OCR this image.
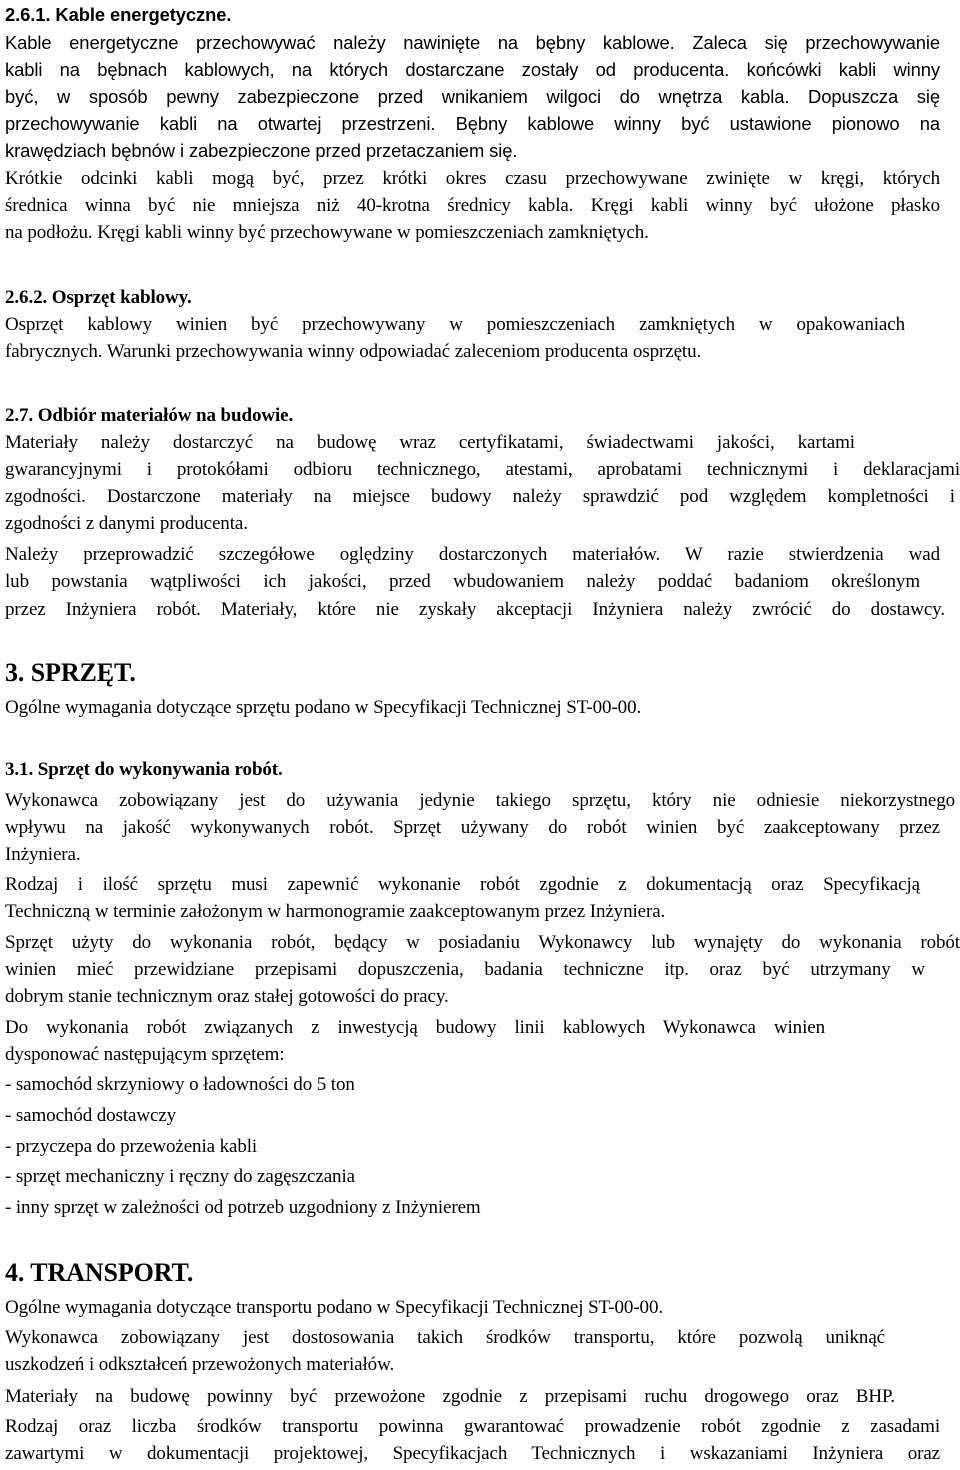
2.6.1. Kable energetyczne.
Kable energetyczne przechowywać należy nawinięte na bębny kablowe. Zaleca się przechowywanie
kabli na bębnach kablowych, na których dostarczane zostały od producenta. końcówki kabli winny
być, w sposób pewny zabezpieczone przed wnikaniem wilgoci do wnętrza kabla. Dopuszcza się
przechowywanie kabli na otwartej przestrzeni. Bębny kablowe winny być ustawione pionowo na
krawędziach bębnów i zabezpieczone przed przetaczaniem się.
Krótkie odcinki kabli mogą być, przez krótki okres czasu przechowywane zwinięte w kręgi, których
średnica winna być nie mniejsza niż 40-krotna średnicy kabla. Kręgi kabli winny być ułożone płasko
na podłożu. Kręgi kabli winny być przechowywane w pomieszczeniach zamkniętych.
2.6.2. Osprzęt kablowy.
Osprzęt kablowy winien być przechowywany w pomieszczeniach zamkniętych w opakowaniach
fabrycznych. Warunki przechowywania winny odpowiadać zaleceniom producenta osprzętu.
2.7. Odbiór materiałów na budowie.
Materiały należy dostarczyć na budowę wraz certyfikatami, świadectwami jakości, kartami
gwarancyjnymi i protokółami odbioru technicznego, atestami, aprobatami technicznymi i deklaracjami
zgodności. Dostarczone materiały na miejsce budowy należy sprawdzić pod względem kompletności i
zgodności z danymi producenta.
Należy przeprowadzić szczegółowe oględziny dostarczonych materiałów. W razie stwierdzenia wad
lub powstania wątpliwości ich jakości, przed wbudowaniem należy poddać badaniom określonym
przez Inżyniera robót. Materiały, które nie zyskały akceptacji Inżyniera należy zwrócić do dostawcy.
3. SPRZĘT.
Ogólne wymagania dotyczące sprzętu podano w Specyfikacji Technicznej ST-00-00.
3.1. Sprzęt do wykonywania robót.
Wykonawca zobowiązany jest do używania jedynie takiego sprzętu, który nie odniesie niekorzystnego
wpływu na jakość wykonywanych robót. Sprzęt używany do robót winien być zaakceptowany przez
Inżyniera.
Rodzaj i ilość sprzętu musi zapewnić wykonanie robót zgodnie z dokumentacją oraz Specyfikacją
Techniczną w terminie założonym w harmonogramie zaakceptowanym przez Inżyniera.
Sprzęt użyty do wykonania robót, będący w posiadaniu Wykonawcy lub wynajęty do wykonania robót
winien mieć przewidziane przepisami dopuszczenia, badania techniczne itp. oraz być utrzymany w
dobrym stanie technicznym oraz stałej gotowości do pracy.
Do wykonania robót związanych z inwestycją budowy linii kablowych Wykonawca winien
dysponować następującym sprzętem:
- samochód skrzyniowy o ładowności do 5 ton
- samochód dostawczy
- przyczepa do przewożenia kabli
- sprzęt mechaniczny i ręczny do zagęszczania
- inny sprzęt w zależności od potrzeb uzgodniony z Inżynierem
4. TRANSPORT.
Ogólne wymagania dotyczące transportu podano w Specyfikacji Technicznej ST-00-00.
Wykonawca zobowiązany jest dostosowania takich środków transportu, które pozwolą uniknąć
uszkodzeń i odkształceń przewożonych materiałów.
Materiały na budowę powinny być przewożone zgodnie z przepisami ruchu drogowego oraz BHP.
Rodzaj oraz liczba środków transportu powinna gwarantować prowadzenie robót zgodnie z zasadami
zawartymi w dokumentacji projektowej, Specyfikacjach Technicznych i wskazaniami Inżyniera oraz
